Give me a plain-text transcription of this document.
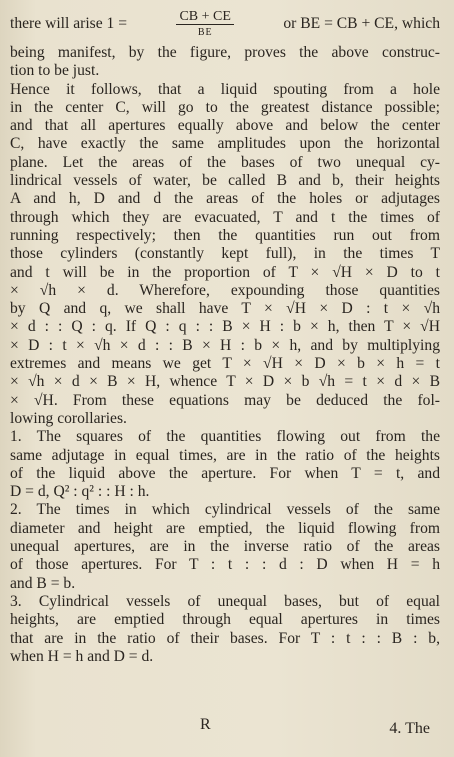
there will arise 1 =	$\frac{CB + CE}{BE}$	or BE = CB + CE, which
being manifest, by the figure, proves the above construc-
tion to be just.
Hence it follows, that a liquid spouting from a hole
in the center C, will go to the greatest distance possible;
and that all apertures equally above and below the center
C, have exactly the same amplitudes upon the horizontal
plane. Let the areas of the bases of two unequal cy-
lindrical vessels of water, be called B and b, their heights
A and h, D and d the areas of the holes or adjutages
through which they are evacuated, T and t the times of
running respectively; then the quantities run out from
those cylinders (constantly kept full), in the times T
and t will be in the proportion of T × √H × D to t
× √h × d. Wherefore, expounding those quantities
by Q and q, we shall have T × √H × D : t × √h
× d : : Q : q. If Q : q : : B × H : b × h, then T × √H
× D : t × √h × d : : B × H : b × h, and by multiplying
extremes and means we get T × √H × D × b × h = t
× √h × d × B × H, whence T × D × b √h = t × d × B
× √H. From these equations may be deduced the fol-
lowing corollaries.
1. The squares of the quantities flowing out from the
same adjutage in equal times, are in the ratio of the heights
of the liquid above the aperture. For when T = t, and
D = d, Q² : q² : : H : h.
2. The times in which cylindrical vessels of the same
diameter and height are emptied, the liquid flowing from
unequal apertures, are in the inverse ratio of the areas
of those apertures. For T : t : : d : D when H = h
and B = b.
3. Cylindrical vessels of unequal bases, but of equal
heights, are emptied through equal apertures in times
that are in the ratio of their bases. For T : t : : B : b,
when H = h and D = d.
R	4. The
